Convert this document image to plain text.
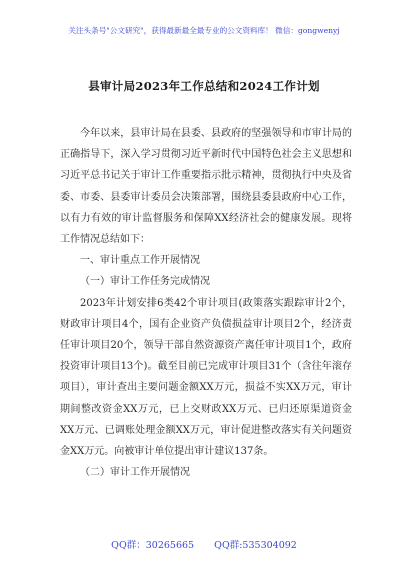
关注头条号"公文研究"，获得最新最全最专业的公文资料库！ 微信：gongwenyj
县审计局2023年工作总结和2024工作计划

今年以来，县审计局在县委、县政府的坚强领导和市审计局的正确指导下，深入学习贯彻习近平新时代中国特色社会主义思想和习近平总书记关于审计工作重要指示批示精神，贯彻执行中央及省委、市委、县委审计委员会决策部署，围绕县委县政府中心工作，以有力有效的审计监督服务和保障XX经济社会的健康发展。现将工作情况总结如下：

一、审计重点工作开展情况

（一）审计工作任务完成情况

2023年计划安排6类42个审计项目(政策落实跟踪审计2个，财政审计项目4个，国有企业资产负债损益审计项目2个，经济责任审计项目20个，领导干部自然资源资产离任审计项目1个，政府投资审计项目13个)。截至目前已完成审计项目31个（含往年滚存项目），审计查出主要问题金额XX万元，损益不实XX万元，审计期间整改资金XX万元，已上交财政XX万元、已归还原渠道资金XX万元、已调账处理金额XX万元，审计促进整改落实有关问题资金XX万元。向被审计单位提出审计建议137条。

（二）审计工作开展情况

QQ群：30265665 QQ群:535304092
